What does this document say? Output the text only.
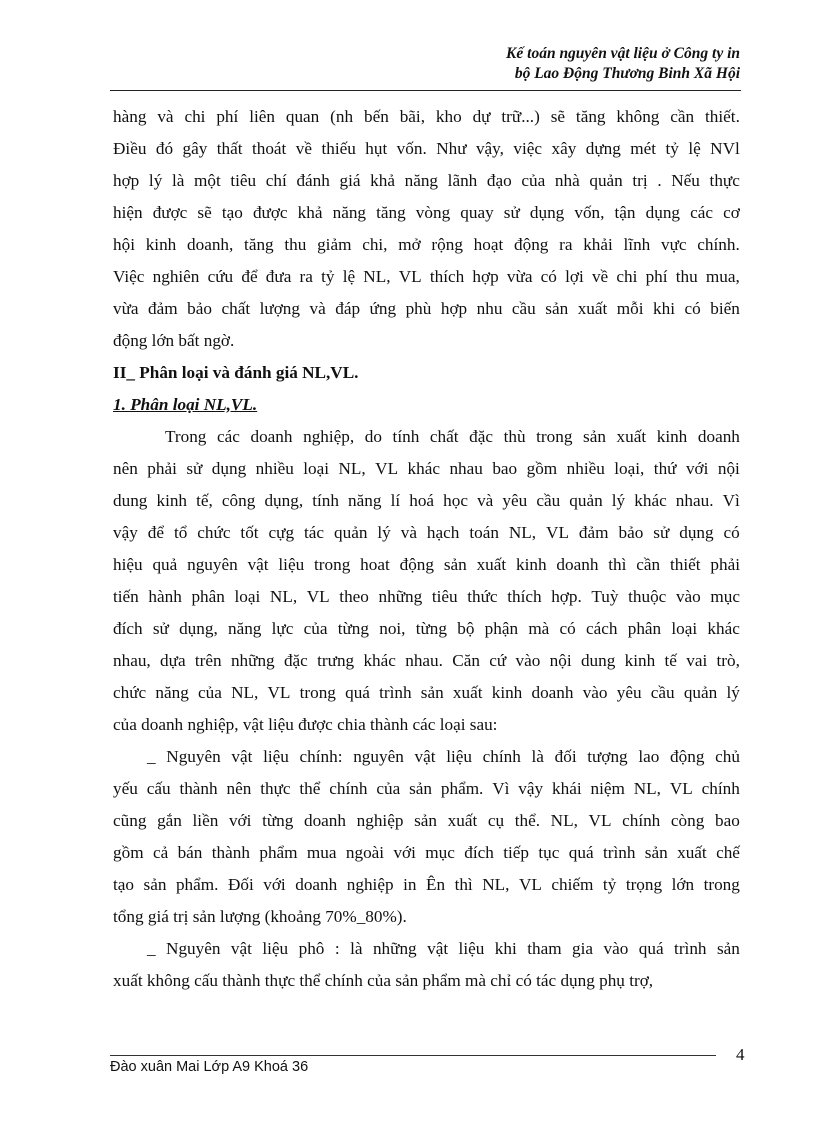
Kế toán nguyên vật liệu ở Công ty in
bộ Lao Động Thương Binh Xã Hội
hàng và chi phí liên quan (nh bến bãi, kho dự trữ...) sẽ tăng không cần thiết.
Điều đó gây thất thoát về thiếu hụt vốn. Như vậy, việc xây dựng mét tỷ lệ NVl
hợp lý là một tiêu chí đánh giá khả năng lãnh đạo của nhà quản trị . Nếu thực
hiện được sẽ tạo được khả năng tăng vòng quay sử dụng vốn, tận dụng các cơ
hội kinh doanh, tăng thu giảm chi, mở rộng hoạt động ra khải lĩnh vực chính.
Việc nghiên cứu để đưa ra tỷ lệ NL, VL thích hợp vừa có lợi về chi phí thu mua,
vừa đảm bảo chất lượng và đáp ứng phù hợp nhu cầu sản xuất mỗi khi có biến
động lớn bất ngờ.
II_ Phân loại và đánh giá NL,VL.
1. Phân loại NL,VL.
Trong các doanh nghiệp, do tính chất đặc thù trong sản xuất kinh doanh
nên phải sử dụng nhiều loại NL, VL khác nhau bao gồm nhiều loại, thứ với nội
dung kinh tế, công dụng, tính năng lí hoá học và yêu cầu quản lý khác nhau. Vì
vậy để tổ chức tốt cựg tác quản lý và hạch toán NL, VL đảm bảo sử dụng có
hiệu quả nguyên vật liệu trong hoat động sản xuất kinh doanh thì cần thiết phải
tiến hành phân loại NL, VL theo những tiêu thức thích hợp. Tuỳ thuộc vào mục
đích sử dụng, năng lực của từng noi, từng bộ phận mà có cách phân loại khác
nhau, dựa trên những đặc trưng khác nhau. Căn cứ vào nội dung kinh tế vai trò,
chức năng của NL, VL trong quá trình sản xuất kinh doanh vào yêu cầu quản lý
của doanh nghiệp, vật liệu được chia thành các loại sau:
_ Nguyên vật liệu chính: nguyên vật liệu chính là đối tượng lao động chủ
yếu cấu thành nên thực thể chính của sản phẩm. Vì vậy khái niệm NL, VL chính
cũng gắn liền với từng doanh nghiệp sản xuất cụ thể. NL, VL chính còng bao
gồm cả bán thành phẩm mua ngoài với mục đích tiếp tục quá trình sản xuất chế
tạo sản phẩm. Đối với doanh nghiệp in Ên thì NL, VL chiếm tỷ trọng lớn trong
tổng giá trị sản lượng (khoảng 70%_80%).
_ Nguyên vật liệu phô : là những vật liệu khi tham gia vào quá trình sản
xuất không cấu thành thực thể chính của sản phẩm mà chỉ có tác dụng phụ trợ,
Đào xuân Mai Lớp A9 Khoá 36
4
